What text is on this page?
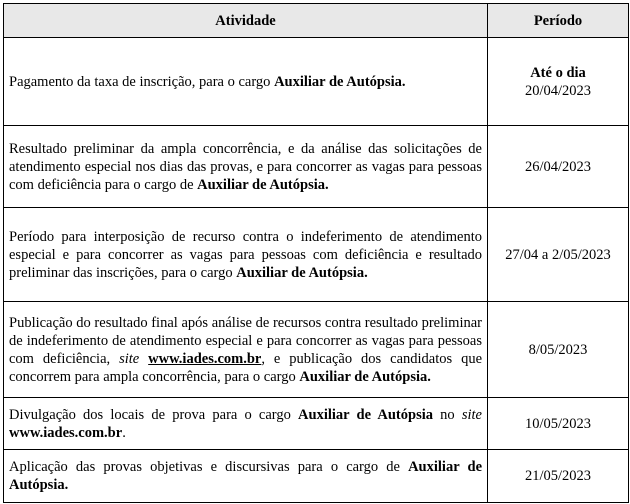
Atividade	Período
Pagamento da taxa de inscrição, para o cargo Auxiliar de Autópsia.	Até o dia
20/04/2023

Resultado preliminar da ampla concorrência, e da análise das solicitações de atendimento especial nos dias das provas, e para concorrer as vagas para pessoas com deficiência para o cargo de Auxiliar de Autópsia.	26/04/2023
Período para interposição de recurso contra o indeferimento de atendimento especial e para concorrer as vagas para pessoas com deficiência e resultado preliminar das inscrições, para o cargo Auxiliar de Autópsia.	27/04 a 2/05/2023
Publicação do resultado final após análise de recursos contra resultado preliminar de indeferimento de atendimento especial e para concorrer as vagas para pessoas com deficiência, site www.iades.com.br, e publicação dos candidatos que concorrem para ampla concorrência, para o cargo Auxiliar de Autópsia.	8/05/2023
Divulgação dos locais de prova para o cargo Auxiliar de Autópsia no site www.iades.com.br.	10/05/2023
Aplicação das provas objetivas e discursivas para o cargo de Auxiliar de Autópsia.	21/05/2023
